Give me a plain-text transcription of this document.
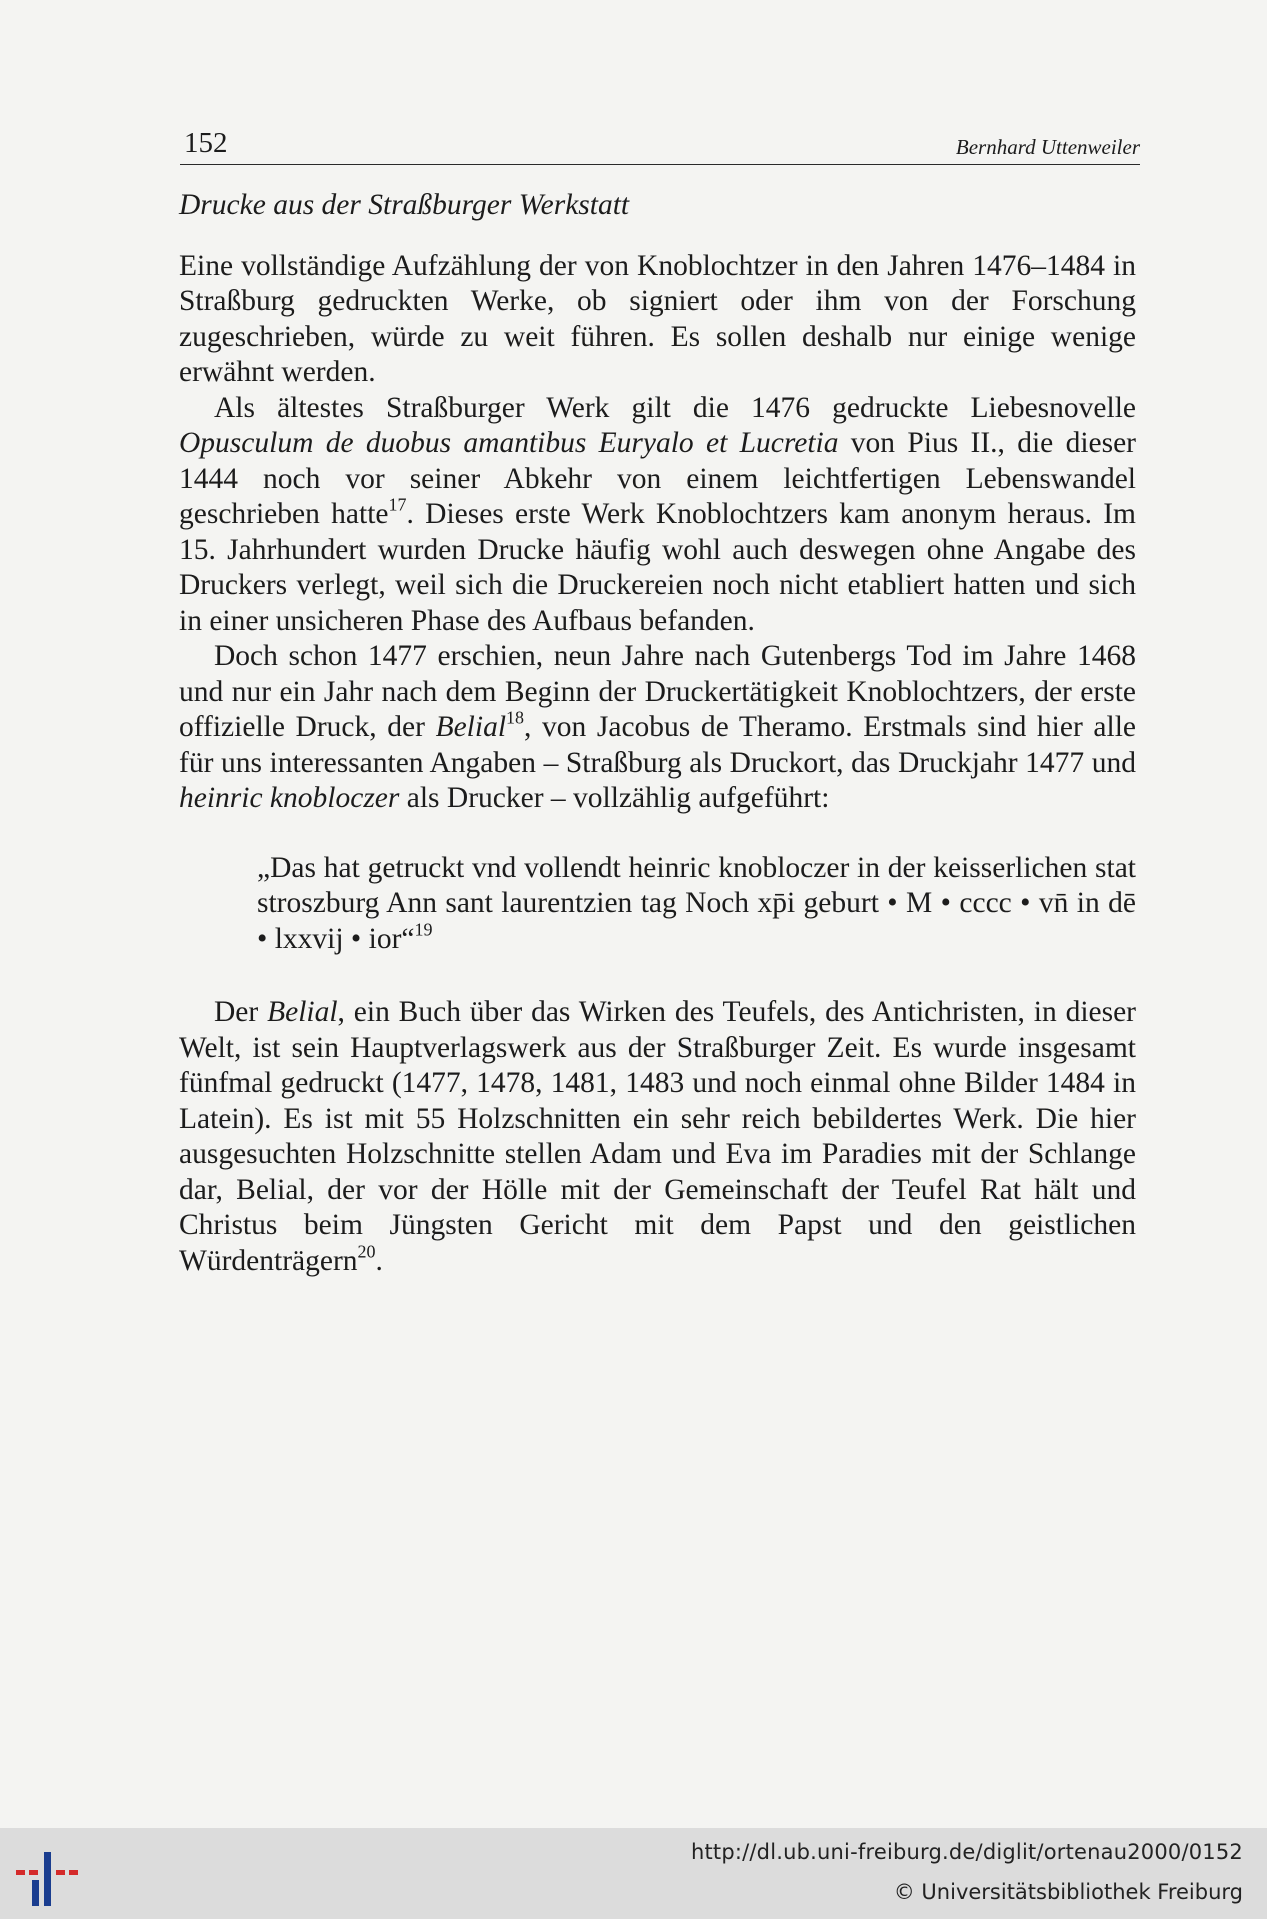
152	Bernhard Uttenweiler

Drucke aus der Straßburger Werkstatt

Eine vollständige Aufzählung der von Knoblochtzer in den Jahren 1476–1484 in Straßburg gedruckten Werke, ob signiert oder ihm von der Forschung zugeschrieben, würde zu weit führen. Es sollen deshalb nur einige wenige erwähnt werden.

Als ältestes Straßburger Werk gilt die 1476 gedruckte Liebesnovelle Opusculum de duobus amantibus Euryalo et Lucretia von Pius II., die dieser 1444 noch vor seiner Abkehr von einem leichtfertigen Lebenswandel geschrieben hatte$^{17}$. Dieses erste Werk Knoblochtzers kam anonym heraus. Im 15. Jahrhundert wurden Drucke häufig wohl auch deswegen ohne Angabe des Druckers verlegt, weil sich die Druckereien noch nicht etabliert hatten und sich in einer unsicheren Phase des Aufbaus befanden.

Doch schon 1477 erschien, neun Jahre nach Gutenbergs Tod im Jahre 1468 und nur ein Jahr nach dem Beginn der Druckertätigkeit Knoblochtzers, der erste offizielle Druck, der Belial$^{18}$, von Jacobus de Theramo. Erstmals sind hier alle für uns interessanten Angaben – Straßburg als Druckort, das Druckjahr 1477 und heinric knobloczer als Drucker – vollzählig aufgeführt:

„Das hat getruckt vnd vollendt heinric knobloczer in der keisserlichen stat stroszburg Ann sant laurentzien tag Noch xp̄i geburt • M • cccc • vn̄ in dē • lxxvij • ior“$^{19}$

Der Belial, ein Buch über das Wirken des Teufels, des Antichristen, in dieser Welt, ist sein Hauptverlagswerk aus der Straßburger Zeit. Es wurde insgesamt fünfmal gedruckt (1477, 1478, 1481, 1483 und noch einmal ohne Bilder 1484 in Latein). Es ist mit 55 Holzschnitten ein sehr reich bebildertes Werk. Die hier ausgesuchten Holzschnitte stellen Adam und Eva im Paradies mit der Schlange dar, Belial, der vor der Hölle mit der Gemeinschaft der Teufel Rat hält und Christus beim Jüngsten Gericht mit dem Papst und den geistlichen Würdenträgern$^{20}$.

http://dl.ub.uni-freiburg.de/diglit/ortenau2000/0152
© Universitätsbibliothek Freiburg
